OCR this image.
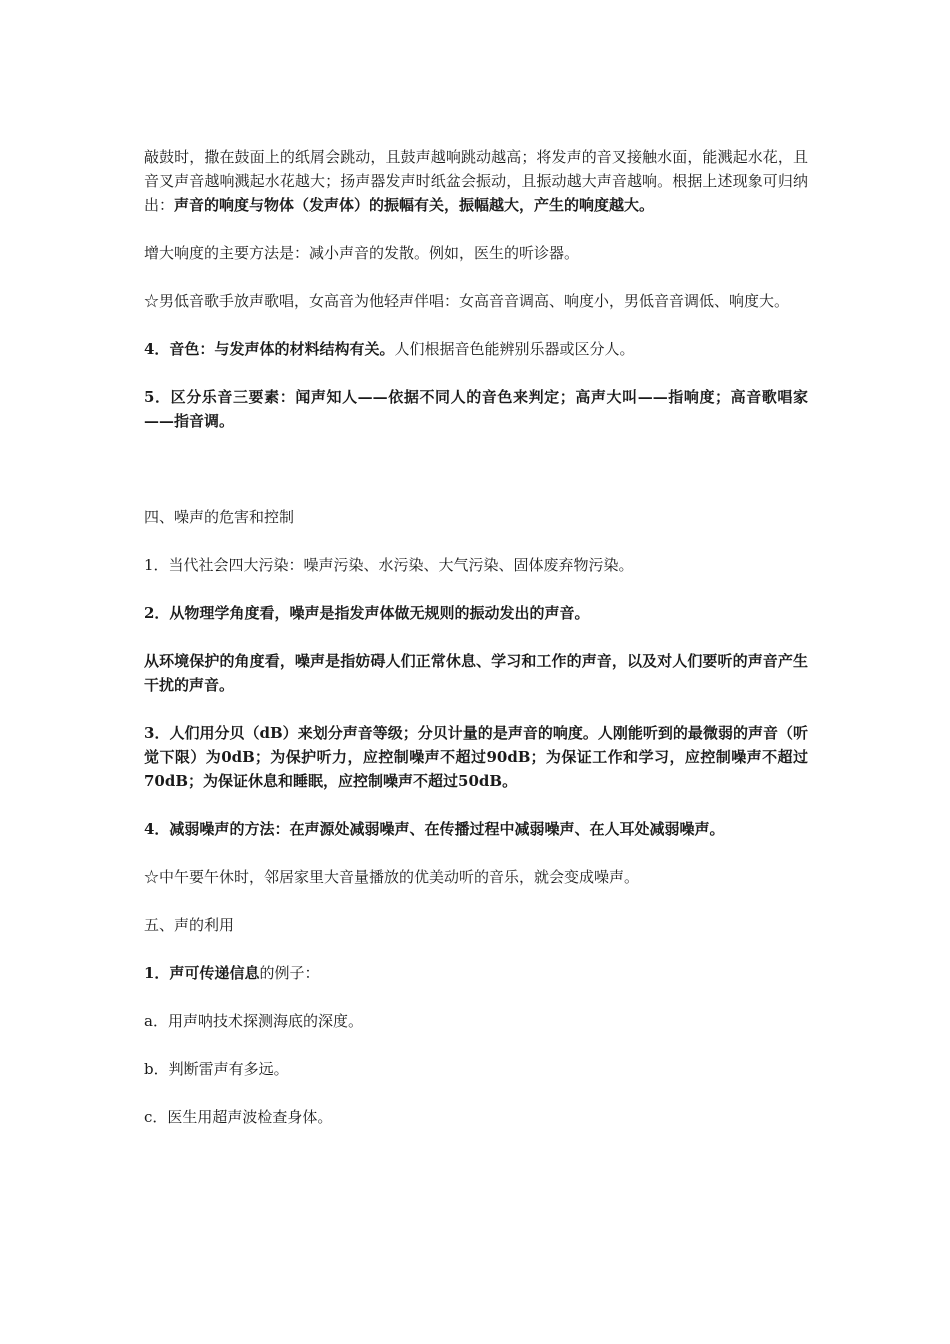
敲鼓时，撒在鼓面上的纸屑会跳动，且鼓声越响跳动越高；将发声的音叉接触水面，能溅起水花，且音叉声音越响溅起水花越大；扬声器发声时纸盆会振动，且振动越大声音越响。根据上述现象可归纳出：声音的响度与物体（发声体）的振幅有关，振幅越大，产生的响度越大。

增大响度的主要方法是：减小声音的发散。例如，医生的听诊器。

☆男低音歌手放声歌唱，女高音为他轻声伴唱：女高音音调高、响度小，男低音音调低、响度大。

4．音色：与发声体的材料结构有关。人们根据音色能辨别乐器或区分人。

5．区分乐音三要素：闻声知人——依据不同人的音色来判定；高声大叫——指响度；高音歌唱家——指音调。

四、噪声的危害和控制

1．当代社会四大污染：噪声污染、水污染、大气污染、固体废弃物污染。

2．从物理学角度看，噪声是指发声体做无规则的振动发出的声音。

从环境保护的角度看，噪声是指妨碍人们正常休息、学习和工作的声音，以及对人们要听的声音产生干扰的声音。

3．人们用分贝（dB）来划分声音等级；分贝计量的是声音的响度。人刚能听到的最微弱的声音（听觉下限）为0dB；为保护听力，应控制噪声不超过90dB；为保证工作和学习，应控制噪声不超过70dB；为保证休息和睡眠，应控制噪声不超过50dB。

4．减弱噪声的方法：在声源处减弱噪声、在传播过程中减弱噪声、在人耳处减弱噪声。

☆中午要午休时，邻居家里大音量播放的优美动听的音乐，就会变成噪声。

五、声的利用

1．声可传递信息的例子：

a．用声呐技术探测海底的深度。

b．判断雷声有多远。

c．医生用超声波检查身体。
